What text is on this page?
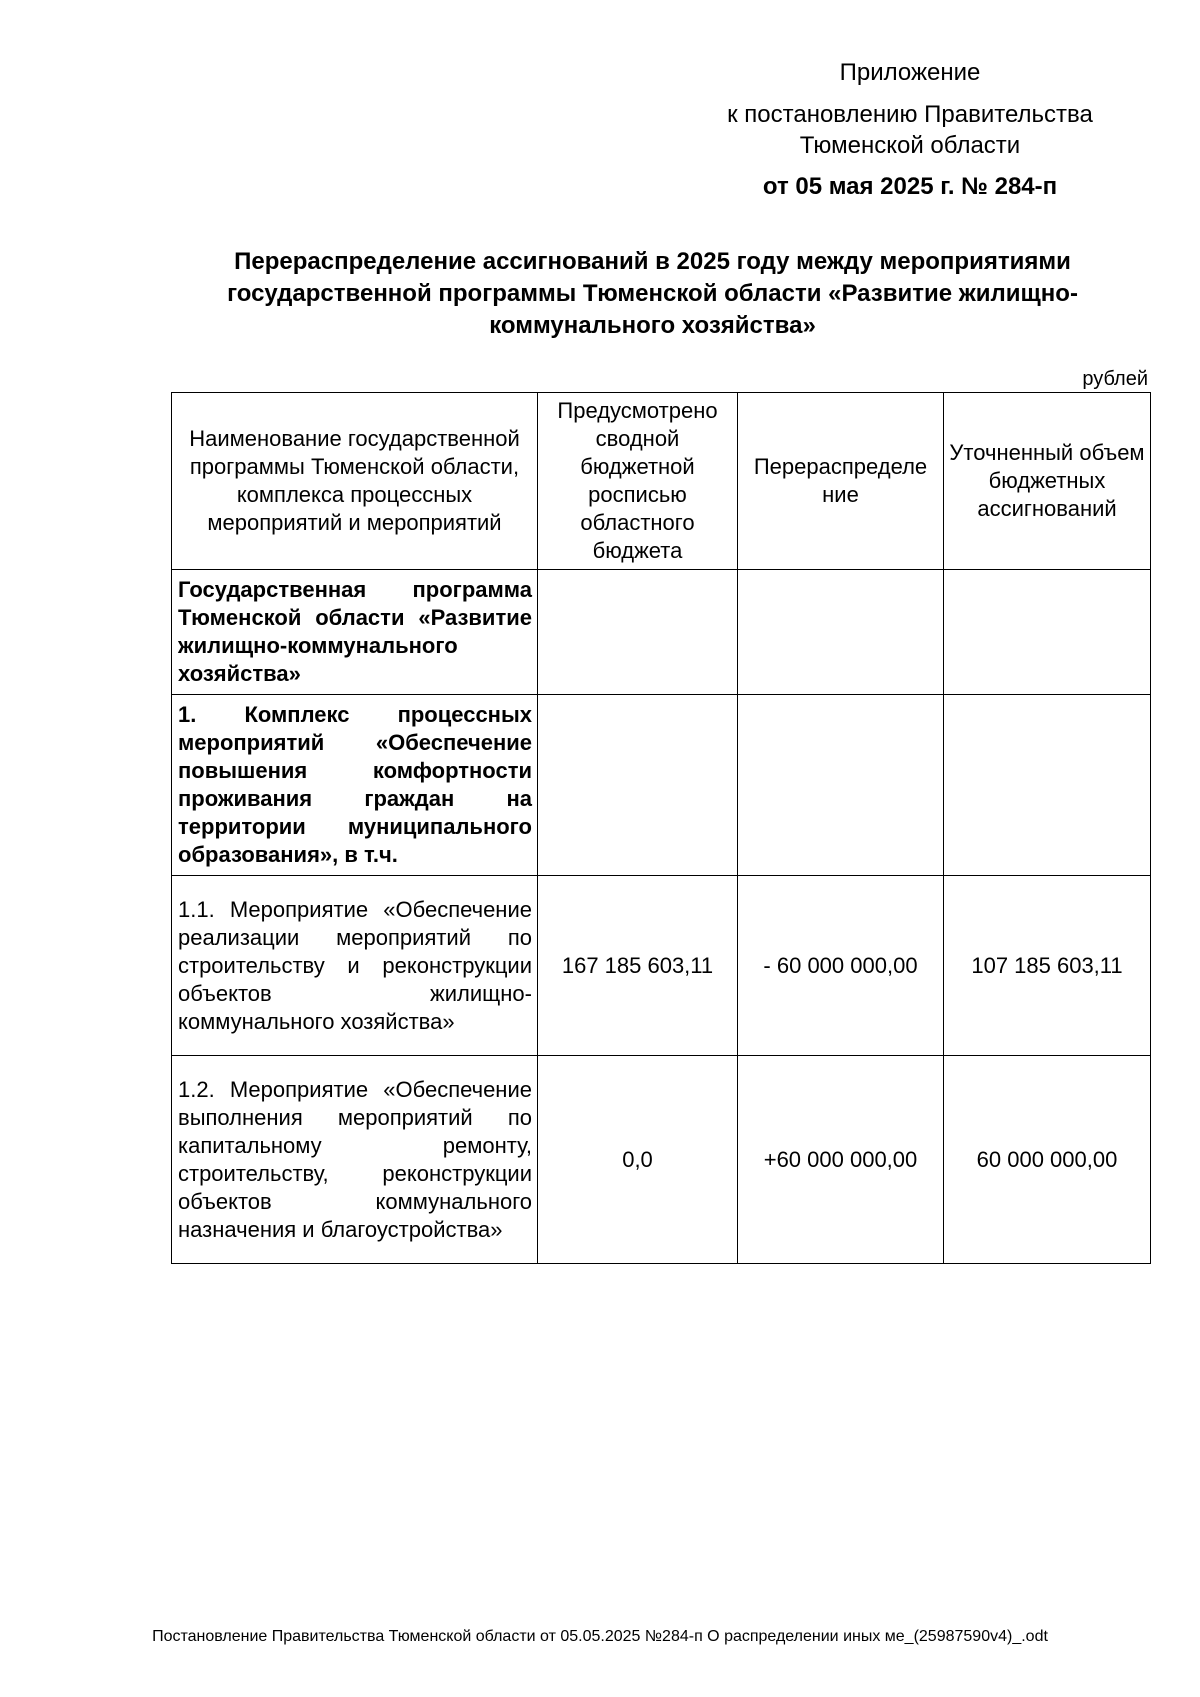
Приложение
к постановлению Правительства
Тюменской области
от 05 мая 2025 г. № 284-п
Перераспределение ассигнований в 2025 году между мероприятиями государственной программы Тюменской области «Развитие жилищно-коммунального хозяйства»
рублей
Наименование государственной программы Тюменской области, комплекса процессных мероприятий и мероприятий	Предусмотрено сводной бюджетной росписью областного бюджета	Перераспределе ние	Уточненный объем бюджетных ассигнований
Государственная программа Тюменской области «Развитие жилищно-коммунального хозяйства»			
1. Комплекс процессных мероприятий «Обеспечение повышения комфортности проживания граждан на территории муниципального образования», в т.ч.			
1.1. Мероприятие «Обеспечение реализации мероприятий по строительству и реконструкции объектов жилищно-коммунального хозяйства»	167 185 603,11	- 60 000 000,00	107 185 603,11
1.2. Мероприятие «Обеспечение выполнения мероприятий по капитальному ремонту, строительству, реконструкции объектов коммунального назначения и благоустройства»	0,0	+60 000 000,00	60 000 000,00
Постановление Правительства Тюменской области от 05.05.2025 №284-п О распределении иных ме_(25987590v4)_.odt
